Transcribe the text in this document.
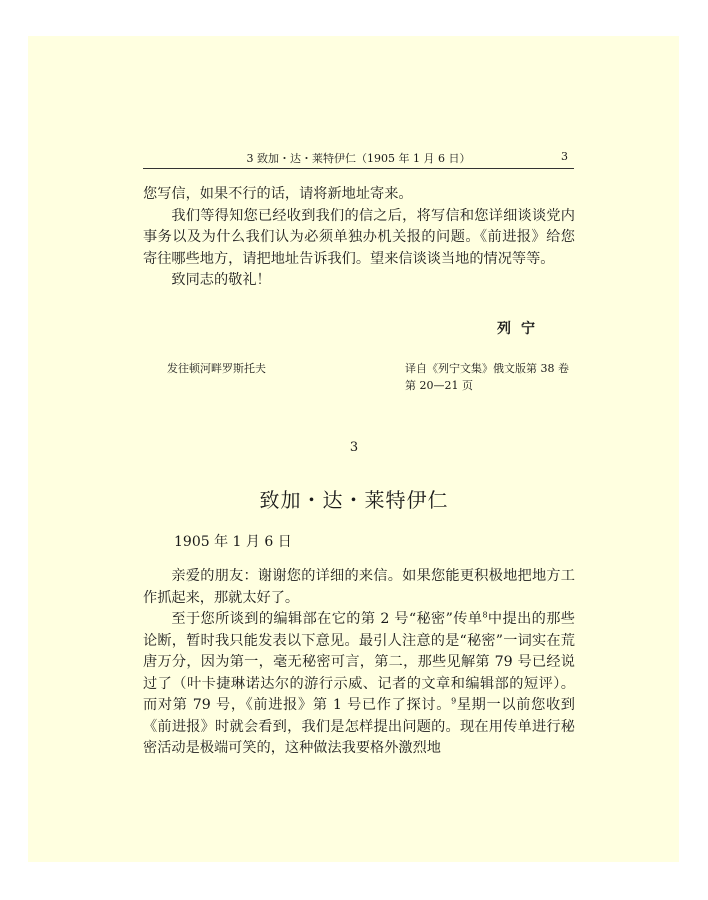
3 致加・达・莱特伊仁（1905 年 1 月 6 日）	3

您写信，如果不行的话，请将新地址寄来。

我们等得知您已经收到我们的信之后，将写信和您详细谈谈党内事务以及为什么我们认为必须单独办机关报的问题。《前进报》给您寄往哪些地方，请把地址告诉我们。望来信谈谈当地的情况等等。

致同志的敬礼！

列宁
发往顿河畔罗斯托夫	译自《列宁文集》俄文版第 38 卷
第 20—21 页
3
致加・达・莱特伊仁
1905 年 1 月 6 日

亲爱的朋友：谢谢您的详细的来信。如果您能更积极地把地方工作抓起来，那就太好了。

至于您所谈到的编辑部在它的第 2 号“秘密”传单$^8$中提出的那些论断，暂时我只能发表以下意见。最引人注意的是“秘密”一词实在荒唐万分，因为第一，毫无秘密可言，第二，那些见解第 79 号已经说过了（叶卡捷琳诺达尔的游行示威、记者的文章和编辑部的短评）。而对第 79 号，《前进报》第 1 号已作了探讨。$^9$星期一以前您收到《前进报》时就会看到，我们是怎样提出问题的。现在用传单进行秘密活动是极端可笑的，这种做法我要格外激烈地
